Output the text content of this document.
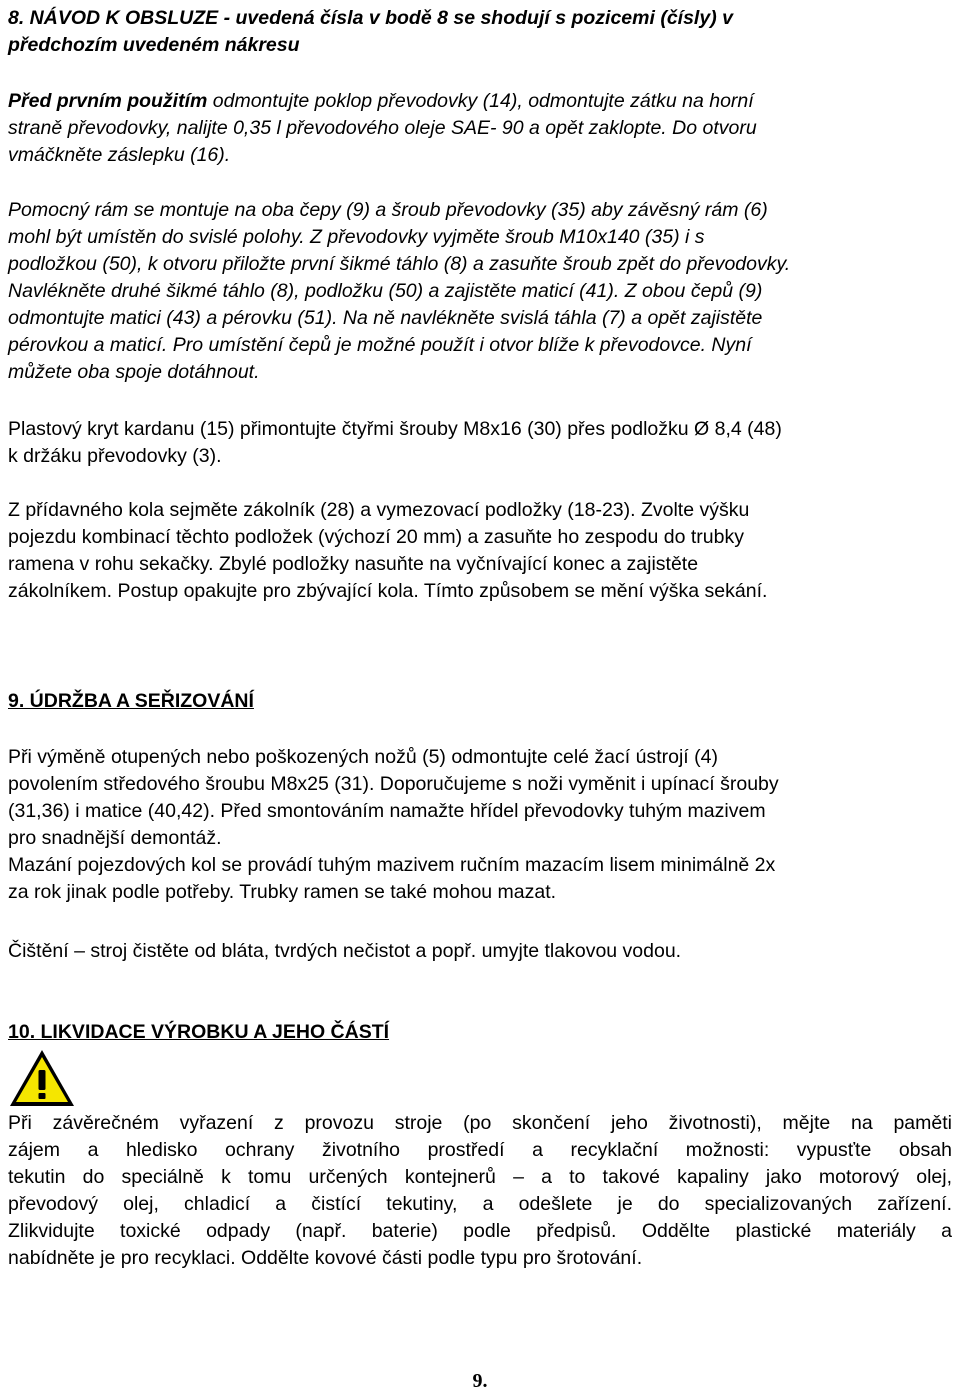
8. NÁVOD K OBSLUZE - uvedená čísla v bodě 8 se shodují s pozicemi (čísly) v
předchozím uvedeném nákresu
Před prvním použitím odmontujte poklop převodovky (14), odmontujte zátku na horní
straně převodovky, nalijte 0,35 l převodového oleje SAE- 90 a opět zaklopte. Do otvoru
vmáčkněte záslepku (16).
Pomocný rám se montuje na oba čepy (9) a šroub převodovky (35) aby závěsný rám (6)
mohl být umístěn do svislé polohy. Z převodovky vyjměte šroub M10x140 (35) i s
podložkou (50), k otvoru přiložte první šikmé táhlo (8) a zasuňte šroub zpět do převodovky.
Navlékněte druhé šikmé táhlo (8), podložku (50) a zajistěte maticí (41). Z obou čepů (9)
odmontujte matici (43) a pérovku (51). Na ně navlékněte svislá táhla (7) a opět zajistěte
pérovkou a maticí. Pro umístění čepů je možné použít i otvor blíže k převodovce. Nyní
můžete oba spoje dotáhnout.
Plastový kryt kardanu (15) přimontujte čtyřmi šrouby M8x16 (30) přes podložku Ø 8,4 (48)
k držáku převodovky (3).
Z přídavného kola sejměte zákolník (28) a vymezovací podložky (18-23). Zvolte výšku
pojezdu kombinací těchto podložek (výchozí 20 mm) a zasuňte ho zespodu do trubky
ramena v rohu sekačky. Zbylé podložky nasuňte na vyčnívající konec a zajistěte
zákolníkem. Postup opakujte pro zbývající kola. Tímto způsobem se mění výška sekání.
9. ÚDRŽBA A SEŘIZOVÁNÍ
Při výměně otupených nebo poškozených nožů (5) odmontujte celé žací ústrojí (4)
povolením středového šroubu M8x25 (31). Doporučujeme s noži vyměnit i upínací šrouby
(31,36) i matice (40,42). Před smontováním namažte hřídel převodovky tuhým mazivem
pro snadnější demontáž.
Mazání pojezdových kol se provádí tuhým mazivem ručním mazacím lisem minimálně 2x
za rok jinak podle potřeby. Trubky ramen se také mohou mazat.
Čištění – stroj čistěte od bláta, tvrdých nečistot a popř. umyjte tlakovou vodou.
10. LIKVIDACE VÝROBKU A JEHO ČÁSTÍ
Při závěrečném vyřazení z provozu stroje (po skončení jeho životnosti), mějte na paměti
zájem a hledisko ochrany životního prostředí a recyklační možnosti: vypusťte obsah
tekutin do speciálně k tomu určených kontejnerů – a to takové kapaliny jako motorový olej,
převodový olej, chladicí a čistící tekutiny, a odešlete je do specializovaných zařízení.
Zlikvidujte toxické odpady (např. baterie) podle předpisů. Oddělte plastické materiály a
nabídněte je pro recyklaci. Oddělte kovové části podle typu pro šrotování.
9.
